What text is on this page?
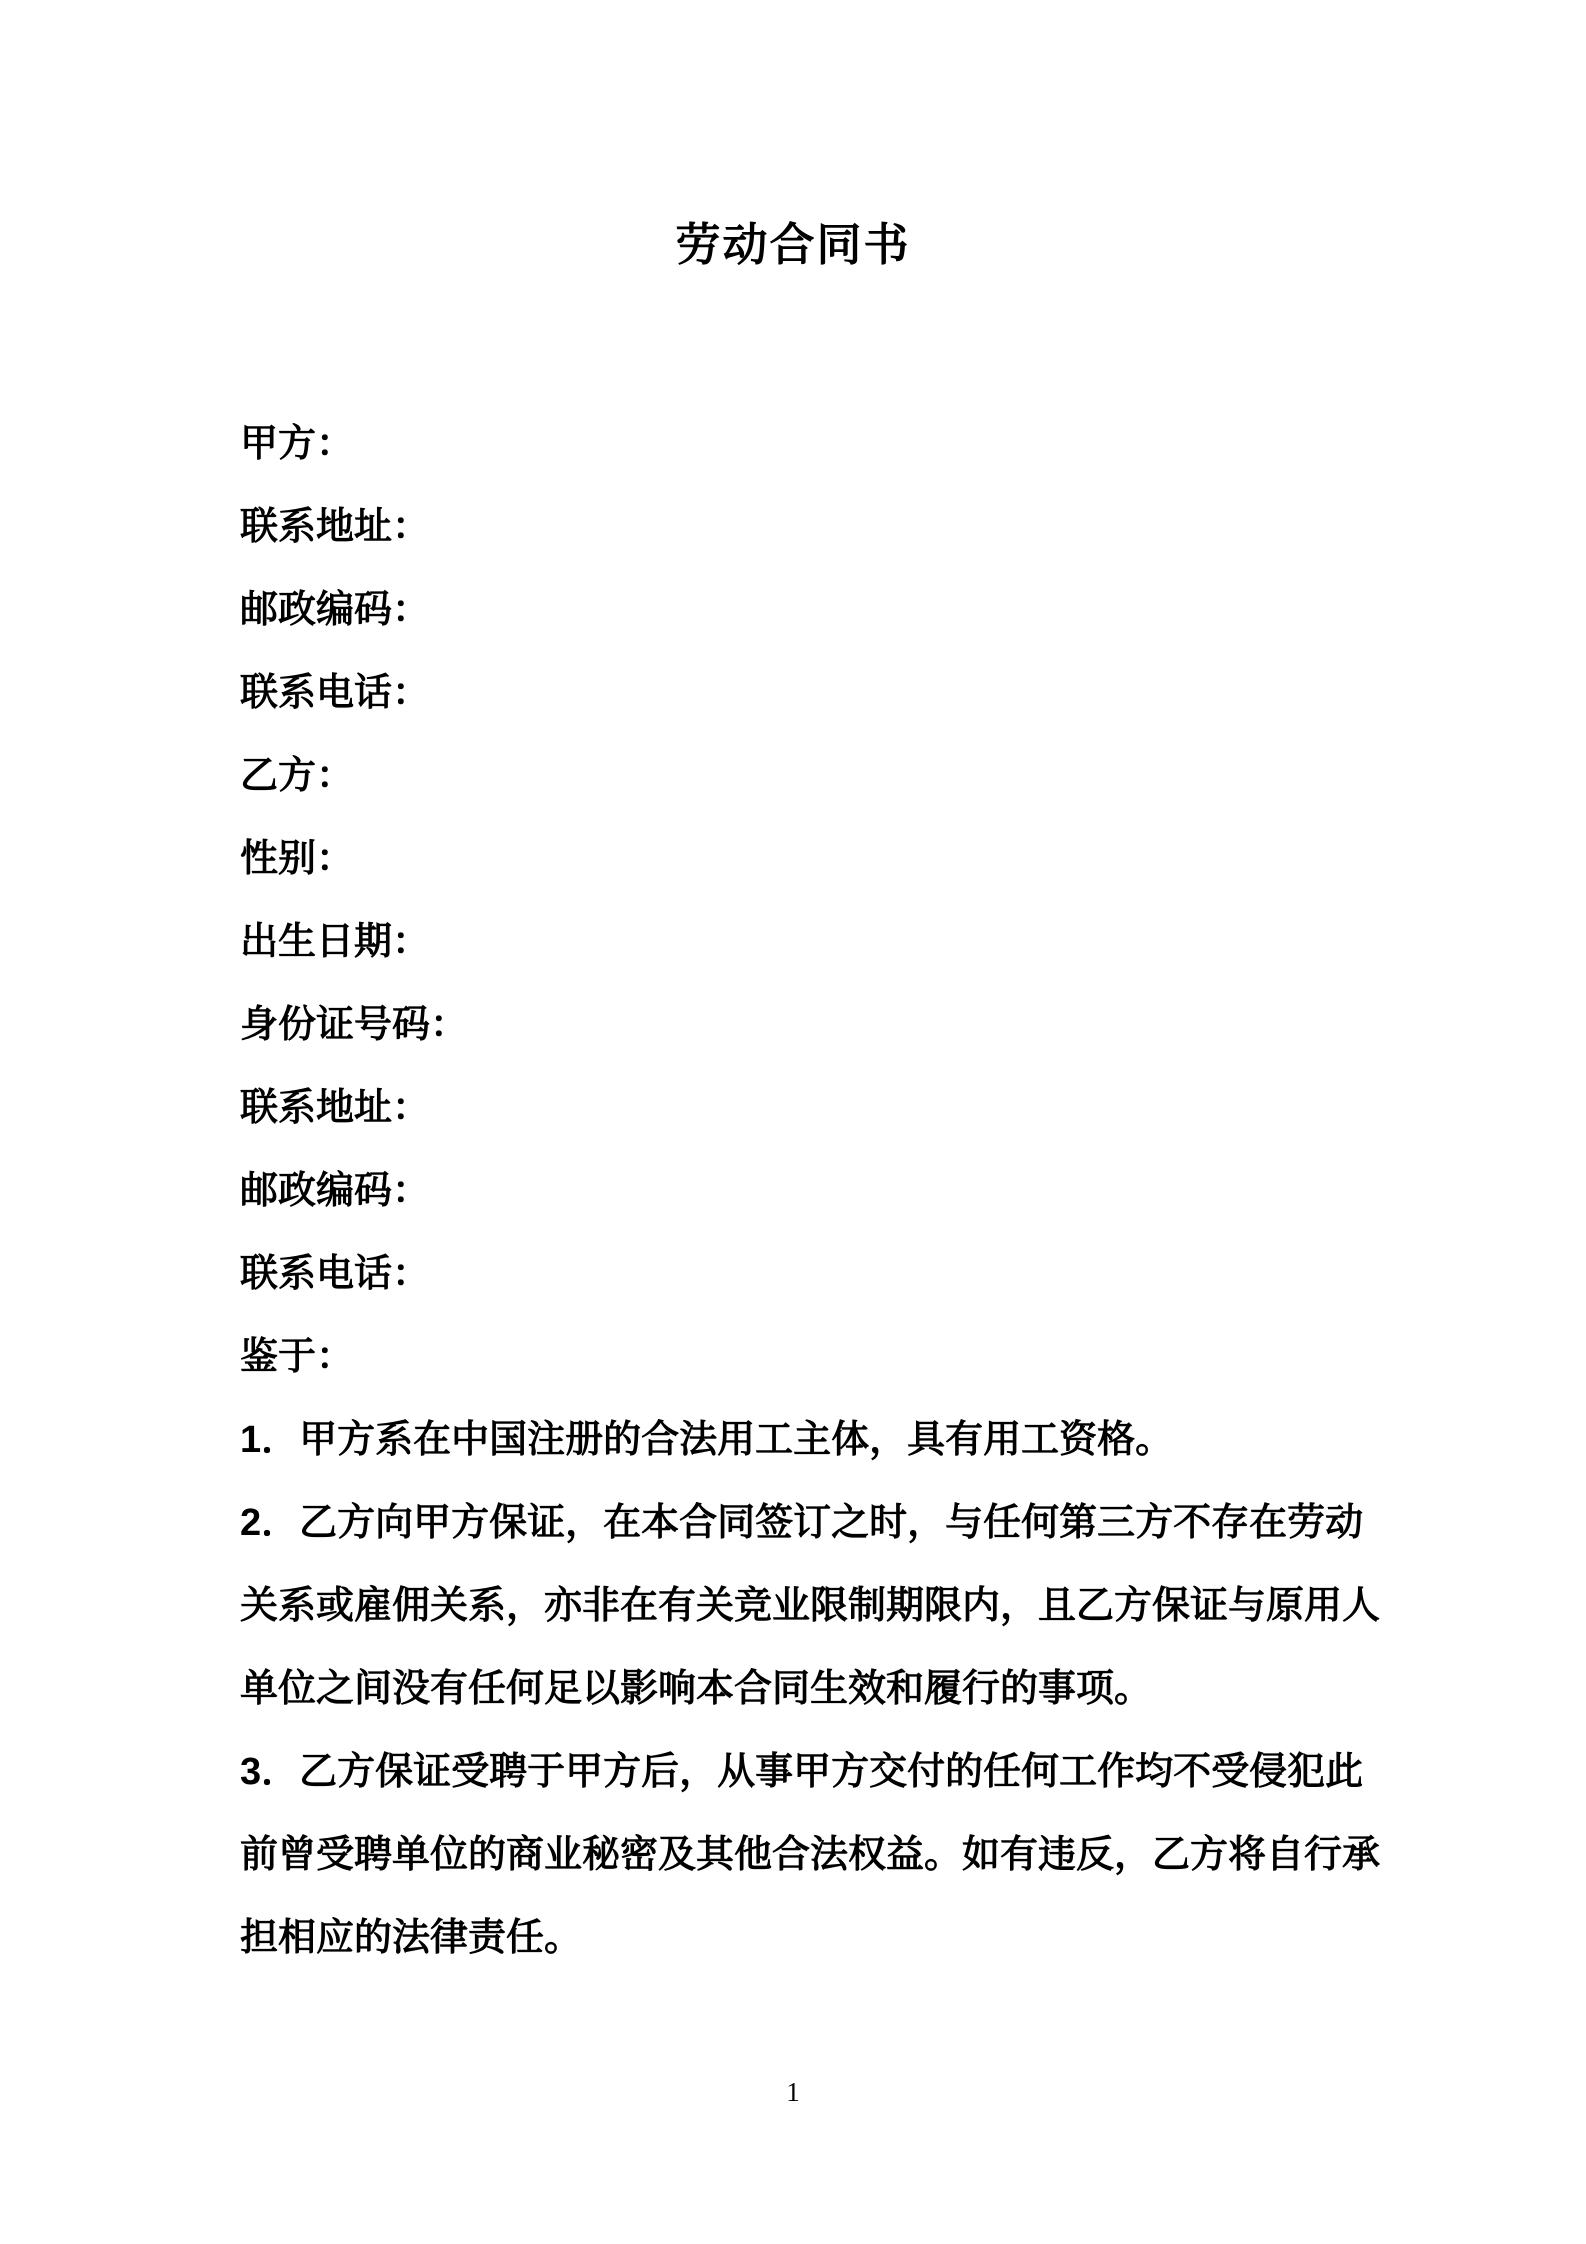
劳动合同书

甲方：

联系地址：

邮政编码：

联系电话：

乙方：

性别：

出生日期：

身份证号码：

联系地址：

邮政编码：

联系电话：

鉴于：

1．甲方系在中国注册的合法用工主体，具有用工资格。

2．乙方向甲方保证，在本合同签订之时，与任何第三方不存在劳动

关系或雇佣关系，亦非在有关竞业限制期限内，且乙方保证与原用人

单位之间没有任何足以影响本合同生效和履行的事项。

3．乙方保证受聘于甲方后，从事甲方交付的任何工作均不受侵犯此

前曾受聘单位的商业秘密及其他合法权益。如有违反，乙方将自行承

担相应的法律责任。

1
